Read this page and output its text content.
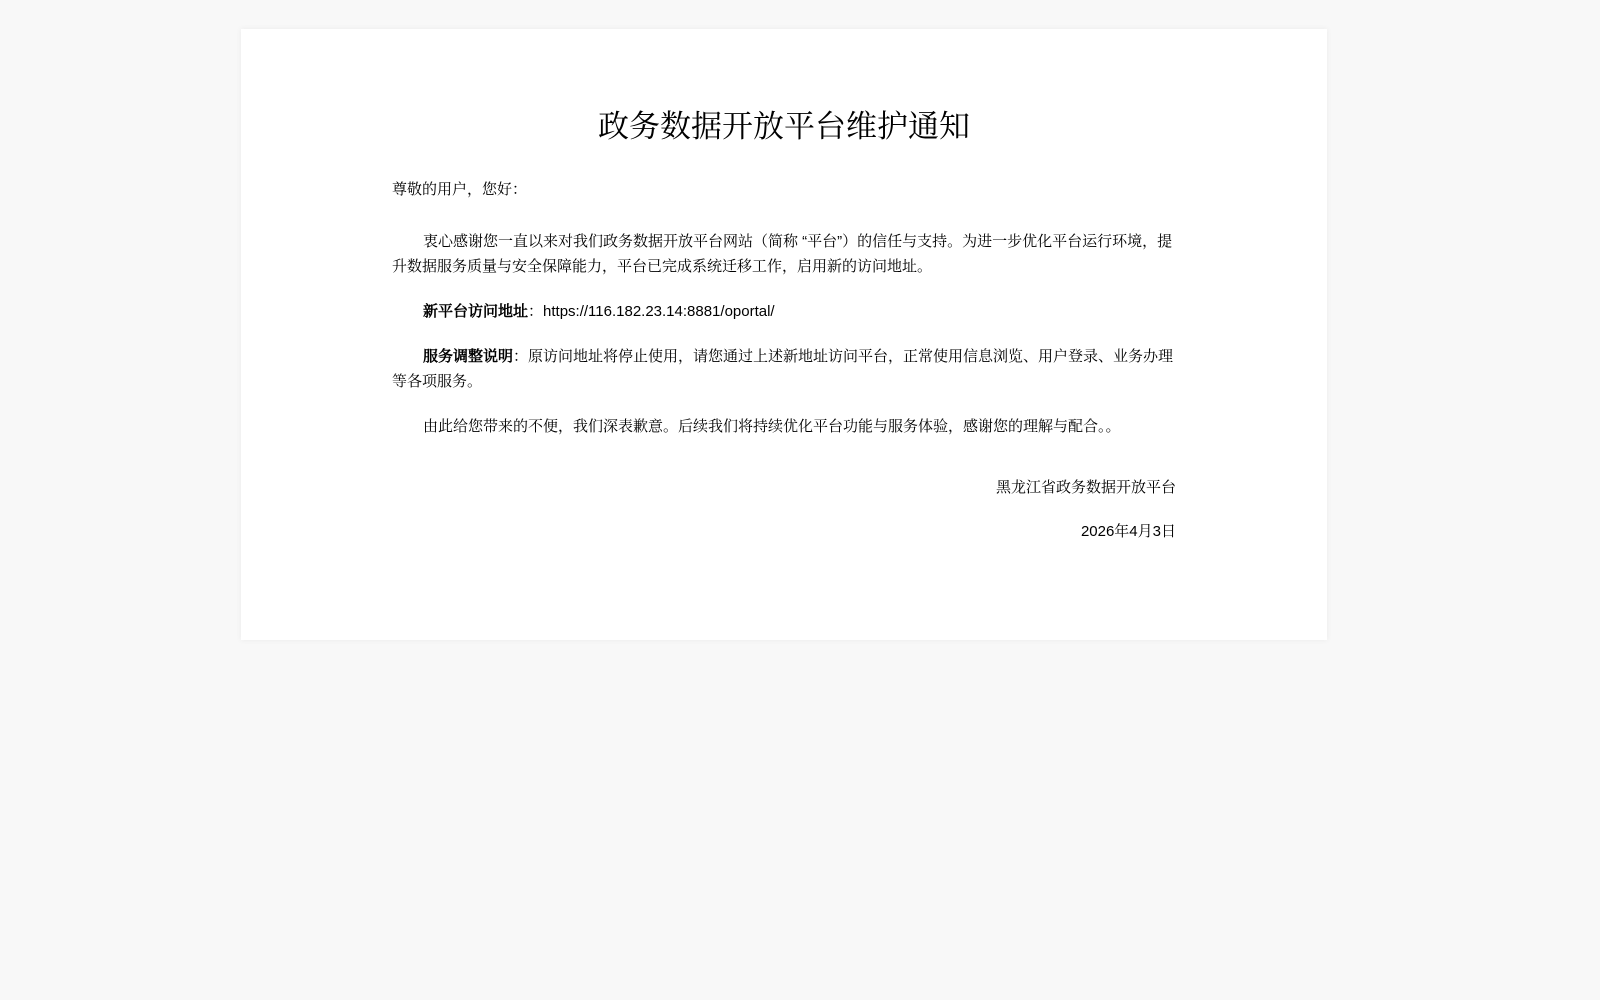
政务数据开放平台维护通知
尊敬的用户，您好：

衷心感谢您一直以来对我们政务数据开放平台网站（简称 “平台”）的信任与支持。为进一步优化平台运行环境，提升数据服务质量与安全保障能力，平台已完成系统迁移工作，启用新的访问地址。

新平台访问地址：https://116.182.23.14:8881/oportal/

服务调整说明：原访问地址将停止使用，请您通过上述新地址访问平台，正常使用信息浏览、用户登录、业务办理等各项服务。

由此给您带来的不便，我们深表歉意。后续我们将持续优化平台功能与服务体验，感谢您的理解与配合。。

黑龙江省政务数据开放平台
2026年4月3日
